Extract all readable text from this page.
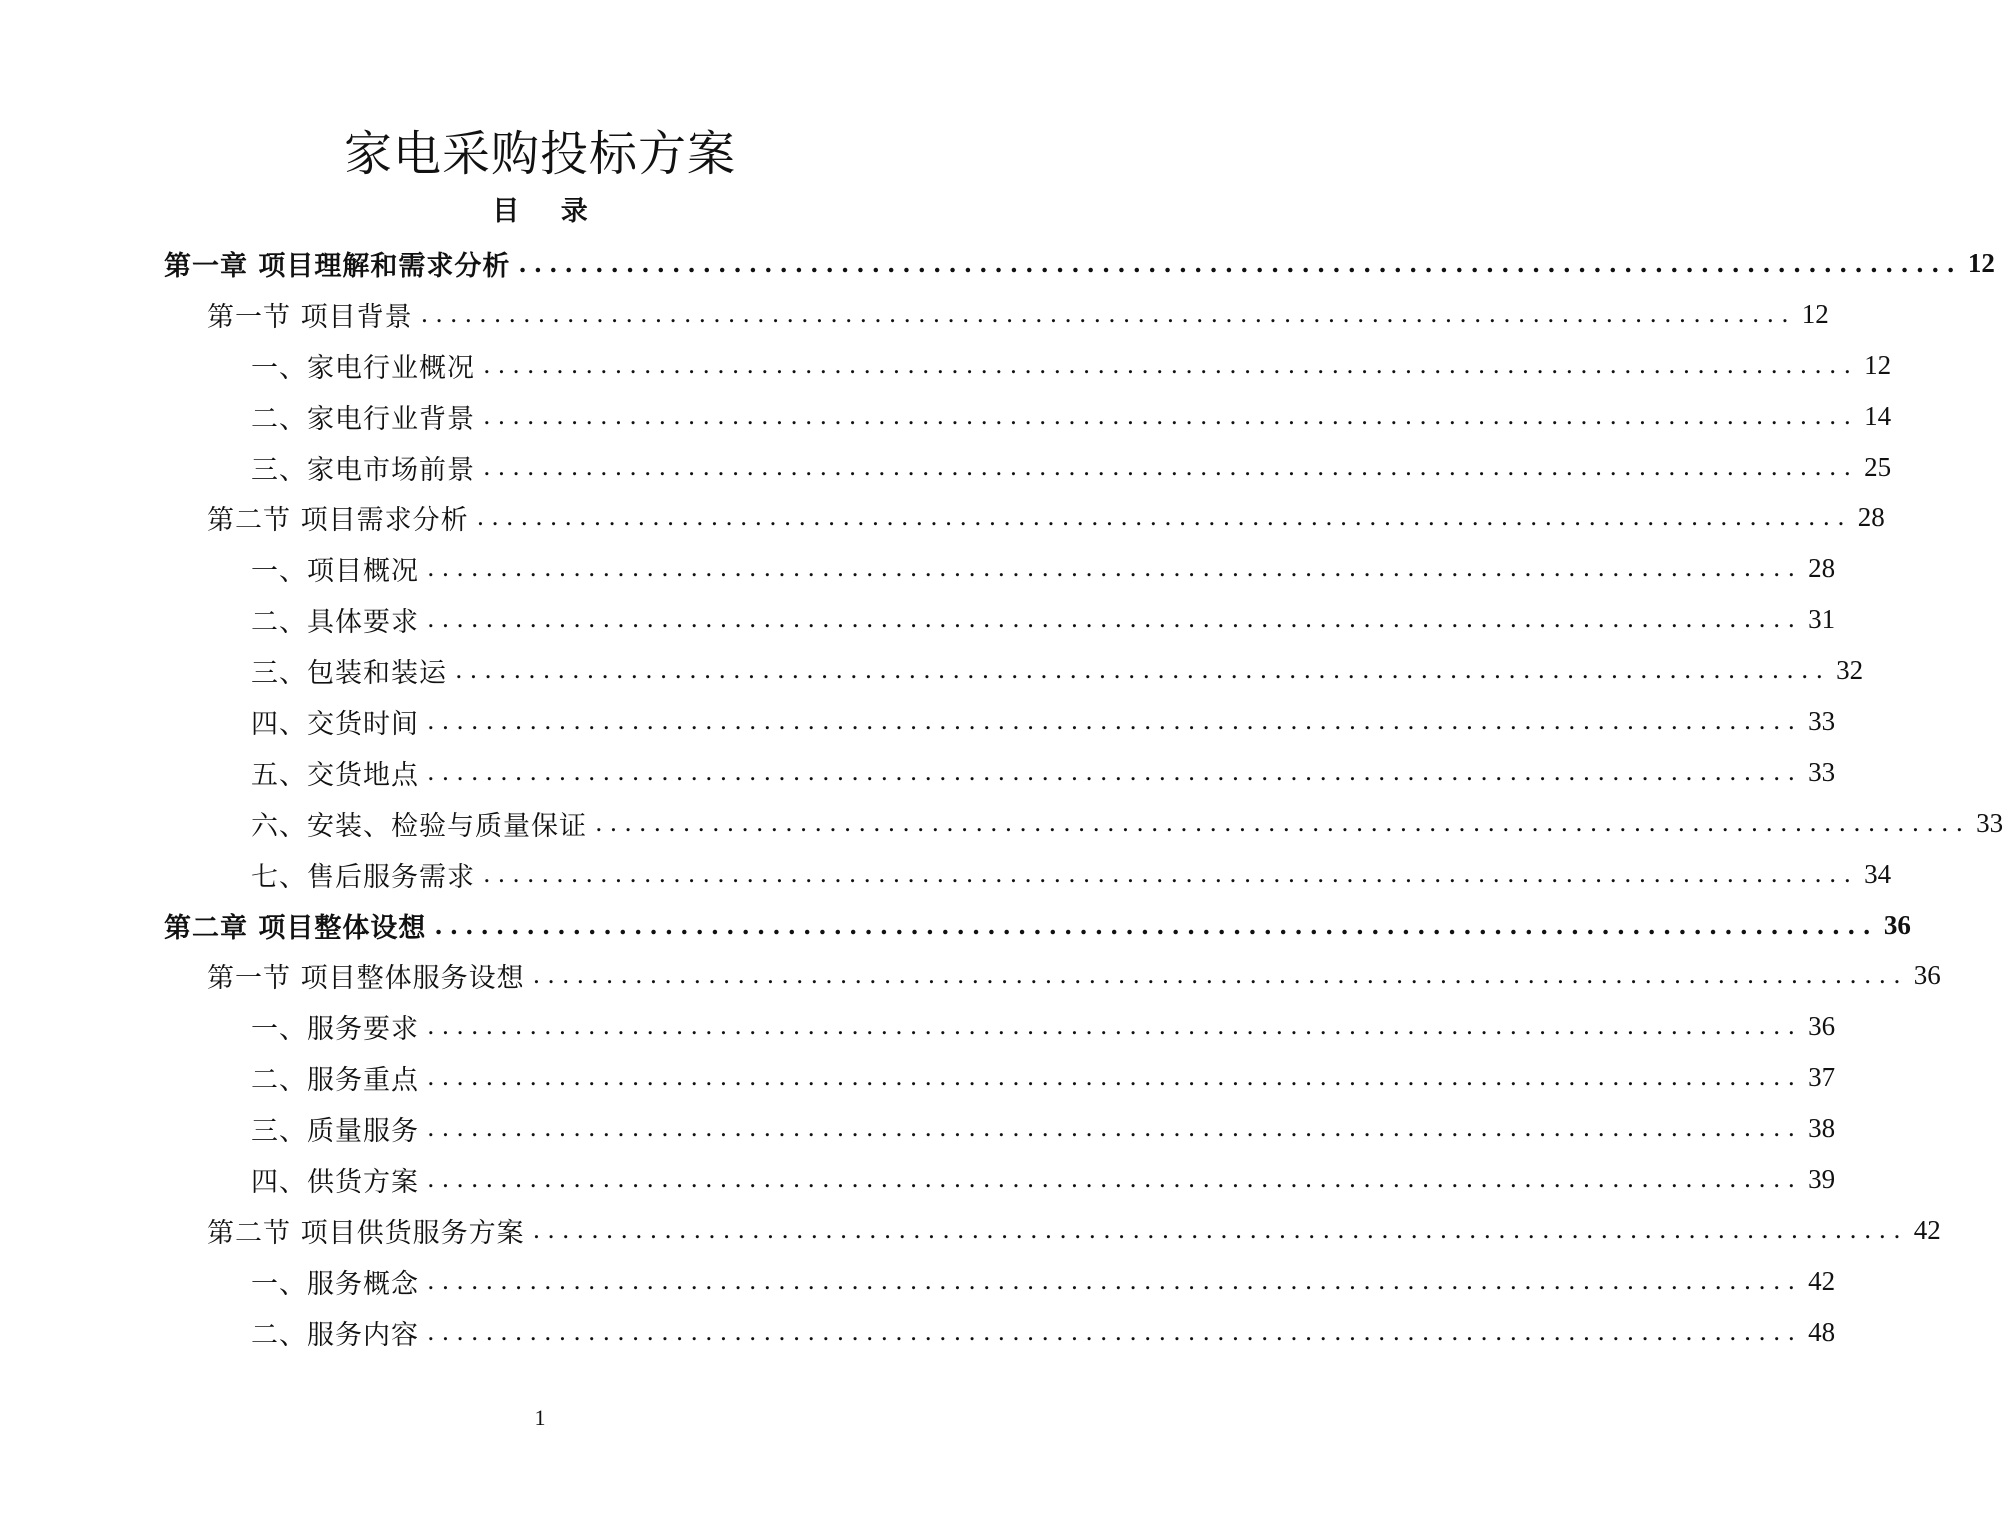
家电采购投标方案
目 录
第一章 项目理解和需求分析 .............................................................................................. 12
第一节 项目背景 .............................................................................................. 12
一、家电行业概况 .............................................................................................. 12
二、家电行业背景 .............................................................................................. 14
三、家电市场前景 .............................................................................................. 25
第二节 项目需求分析 .............................................................................................. 28
一、项目概况 .............................................................................................. 28
二、具体要求 .............................................................................................. 31
三、包装和装运 .............................................................................................. 32
四、交货时间 .............................................................................................. 33
五、交货地点 .............................................................................................. 33
六、安装、检验与质量保证 .............................................................................................. 33
七、售后服务需求 .............................................................................................. 34
第二章 项目整体设想 .............................................................................................. 36
第一节 项目整体服务设想 .............................................................................................. 36
一、服务要求 .............................................................................................. 36
二、服务重点 .............................................................................................. 37
三、质量服务 .............................................................................................. 38
四、供货方案 .............................................................................................. 39
第二节 项目供货服务方案 .............................................................................................. 42
一、服务概念 .............................................................................................. 42
二、服务内容 .............................................................................................. 48
1
